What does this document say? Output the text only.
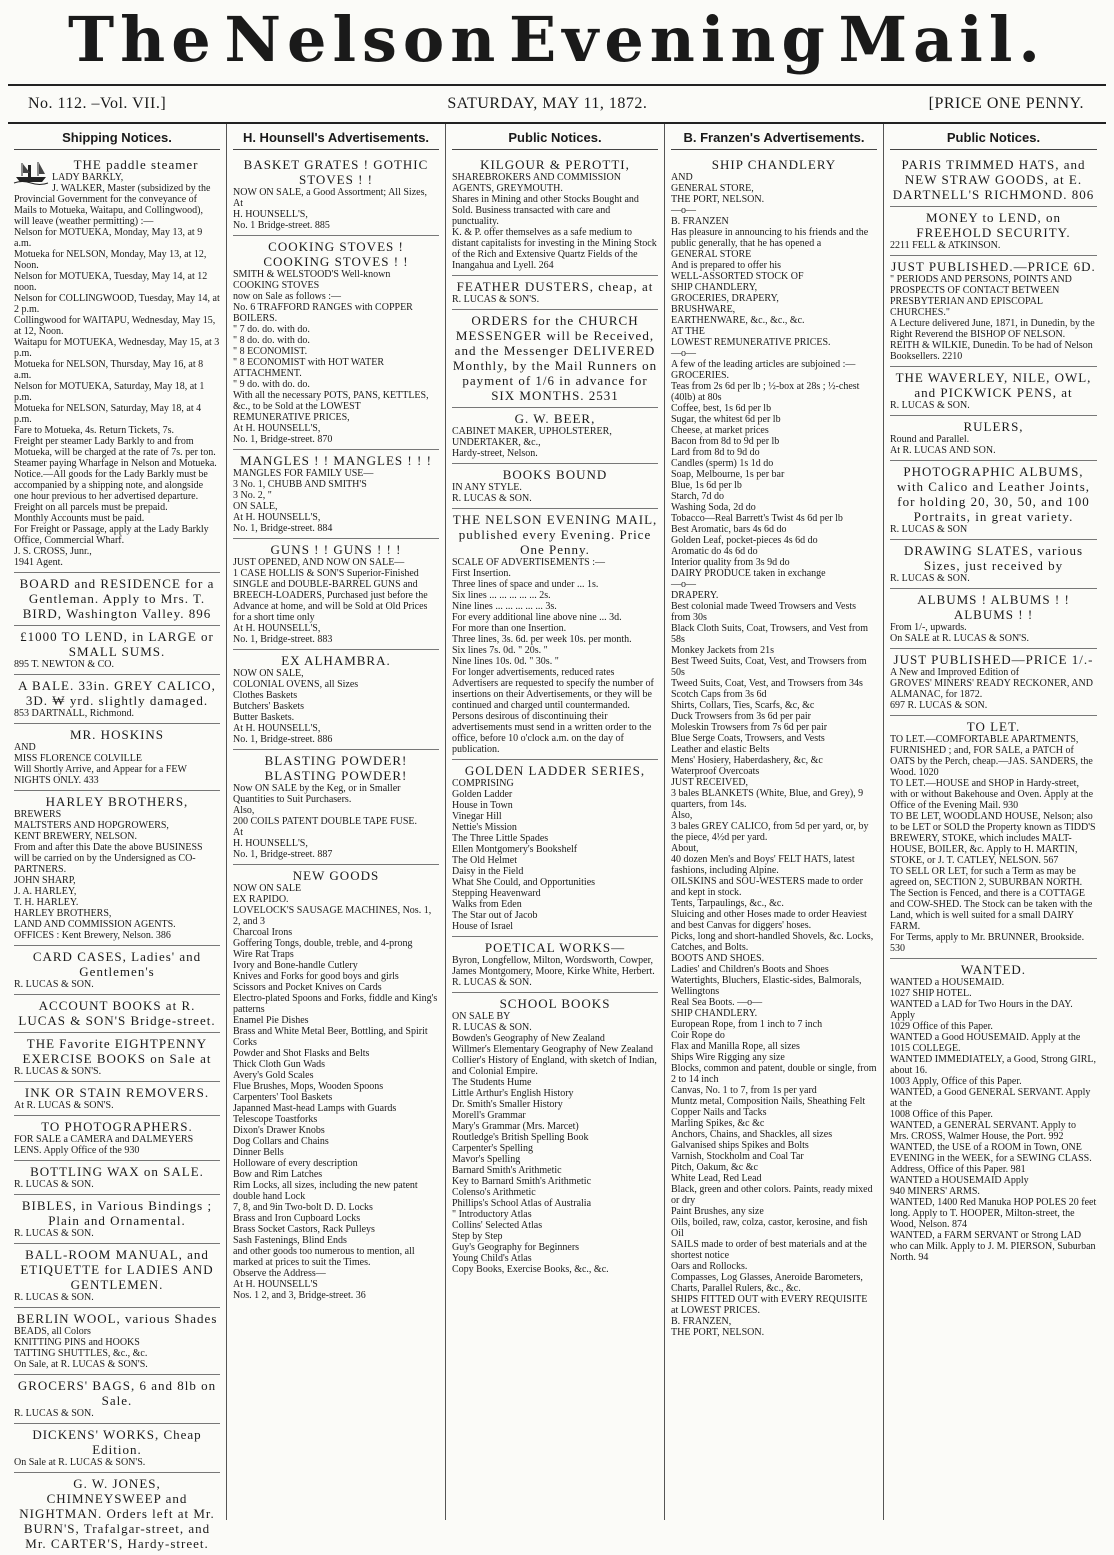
The Nelson Evening Mail.
No. 112. –Vol. VII.]	SATURDAY, MAY 11, 1872.	[PRICE ONE PENNY.
Shipping Notices.
THE paddle steamer
LADY BARKLY,
J. WALKER, Master (subsidized by the Provincial Government for the conveyance of Mails to Motueka, Waitapu, and Collingwood), will leave (weather permitting) :—
Nelson for MOTUEKA, Monday, May 13, at 9 a.m.
Motueka for NELSON, Monday, May 13, at 12, Noon.
Nelson for MOTUEKA, Tuesday, May 14, at 12 noon.
Nelson for COLLINGWOOD, Tuesday, May 14, at 2 p.m.
Collingwood for WAITAPU, Wednesday, May 15, at 12, Noon.
Waitapu for MOTUEKA, Wednesday, May 15, at 3 p.m.
Motueka for NELSON, Thursday, May 16, at 8 a.m.
Nelson for MOTUEKA, Saturday, May 18, at 1 p.m.
Motueka for NELSON, Saturday, May 18, at 4 p.m.
Fare to Motueka, 4s. Return Tickets, 7s.
Freight per steamer Lady Barkly to and from Motueka, will be charged at the rate of 7s. per ton. Steamer paying Wharfage in Nelson and Motueka.
Notice.—All goods for the Lady Barkly must be accompanied by a shipping note, and alongside one hour previous to her advertised departure.
Freight on all parcels must be prepaid.
Monthly Accounts must be paid.
For Freight or Passage, apply at the Lady Barkly Office, Commercial Wharf.
J. S. CROSS, Junr.,
1941 Agent.
BOARD and RESIDENCE for a Gentleman. Apply to Mrs. T. BIRD, Washington Valley. 896
£1000 TO LEND, in LARGE or SMALL SUMS.
895 T. NEWTON & CO.
A BALE. 33in. GREY CALICO, 3D. ₩ yrd. slightly damaged.
853 DARTNALL, Richmond.
MR. HOSKINS
AND
MISS FLORENCE COLVILLE
Will Shortly Arrive, and Appear for a FEW NIGHTS ONLY. 433
HARLEY BROTHERS,
BREWERS
MALTSTERS AND HOPGROWERS,
KENT BREWERY, NELSON.
From and after this Date the above BUSINESS will be carried on by the Undersigned as CO-PARTNERS.
JOHN SHARP,
J. A. HARLEY,
T. H. HARLEY.
HARLEY BROTHERS,
LAND AND COMMISSION AGENTS.
OFFICES : Kent Brewery, Nelson. 386
CARD CASES, Ladies' and Gentlemen's
R. LUCAS & SON.
ACCOUNT BOOKS at R. LUCAS & SON'S Bridge-street.
THE Favorite EIGHTPENNY EXERCISE BOOKS on Sale at
R. LUCAS & SON'S.
INK OR STAIN REMOVERS.
At R. LUCAS & SON'S.
TO PHOTOGRAPHERS.
FOR SALE a CAMERA and DALMEYERS LENS. Apply Office of the 930
BOTTLING WAX on SALE.
R. LUCAS & SON.
BIBLES, in Various Bindings ; Plain and Ornamental.
R. LUCAS & SON.
BALL-ROOM MANUAL, and ETIQUETTE for LADIES AND GENTLEMEN.
R. LUCAS & SON.
BERLIN WOOL, various Shades
BEADS, all Colors
KNITTING PINS and HOOKS
TATTING SHUTTLES, &c., &c.
On Sale, at R. LUCAS & SON'S.
GROCERS' BAGS, 6 and 8lb on Sale.
R. LUCAS & SON.
DICKENS' WORKS, Cheap Edition.
On Sale at R. LUCAS & SON'S.
G. W. JONES, CHIMNEYSWEEP and NIGHTMAN. Orders left at Mr. BURN'S, Trafalgar-street, and Mr. CARTER'S, Hardy-street.
H. Hounsell's Advertisements.
BASKET GRATES ! GOTHIC STOVES ! !
NOW ON SALE, a Good Assortment; All Sizes,
At
H. HOUNSELL'S,
No. 1 Bridge-street. 885
COOKING STOVES ! COOKING STOVES ! !
SMITH & WELSTOOD'S Well-known
COOKING STOVES
now on Sale as follows :—
No. 6 TRAFFORD RANGES with COPPER BOILERS.
" 7 do. do. with do.
" 8 do. do. with do.
" 8 ECONOMIST.
" 8 ECONOMIST with HOT WATER ATTACHMENT.
" 9 do. with do. do.
With all the necessary POTS, PANS, KETTLES, &c., to be Sold at the LOWEST REMUNERATIVE PRICES,
At H. HOUNSELL'S,
No. 1, Bridge-street. 870
MANGLES ! ! MANGLES ! ! !
MANGLES FOR FAMILY USE—
3 No. 1, CHUBB AND SMITH'S
3 No. 2, "
ON SALE,
At H. HOUNSELL'S,
No. 1, Bridge-street. 884
GUNS ! ! GUNS ! ! !
JUST OPENED, AND NOW ON SALE—
1 CASE HOLLIS & SON'S Superior-Finished SINGLE and DOUBLE-BARREL GUNS and BREECH-LOADERS, Purchased just before the Advance at home, and will be Sold at Old Prices for a short time only
At H. HOUNSELL'S,
No. 1, Bridge-street. 883
EX ALHAMBRA.
NOW ON SALE,
COLONIAL OVENS, all Sizes
Clothes Baskets
Butchers' Baskets
Butter Baskets.
At H. HOUNSELL'S,
No. 1, Bridge-street. 886
BLASTING POWDER! BLASTING POWDER!
Now ON SALE by the Keg, or in Smaller Quantities to Suit Purchasers.
Also,
200 COILS PATENT DOUBLE TAPE FUSE.
At
H. HOUNSELL'S,
No. 1, Bridge-street. 887
NEW GOODS
NOW ON SALE
EX RAPIDO.
LOVELOCK'S SAUSAGE MACHINES, Nos. 1, 2, and 3
Charcoal Irons
Goffering Tongs, double, treble, and 4-prong
Wire Rat Traps
Ivory and Bone-handle Cutlery
Knives and Forks for good boys and girls
Scissors and Pocket Knives on Cards
Electro-plated Spoons and Forks, fiddle and King's patterns
Enamel Pie Dishes
Brass and White Metal Beer, Bottling, and Spirit Corks
Powder and Shot Flasks and Belts
Thick Cloth Gun Wads
Avery's Gold Scales
Flue Brushes, Mops, Wooden Spoons
Carpenters' Tool Baskets
Japanned Mast-head Lamps with Guards
Telescope Toastforks
Dixon's Drawer Knobs
Dog Collars and Chains
Dinner Bells
Holloware of every description
Bow and Rim Latches
Rim Locks, all sizes, including the new patent double hand Lock
7, 8, and 9in Two-bolt D. D. Locks
Brass and Iron Cupboard Locks
Brass Socket Castors, Rack Pulleys
Sash Fastenings, Blind Ends
and other goods too numerous to mention, all marked at prices to suit the Times.
Observe the Address—
At H. HOUNSELL'S
Nos. 1 2, and 3, Bridge-street. 36
Public Notices.
KILGOUR & PEROTTI,
SHAREBROKERS AND COMMISSION AGENTS, GREYMOUTH.
Shares in Mining and other Stocks Bought and Sold. Business transacted with care and punctuality.
K. & P. offer themselves as a safe medium to distant capitalists for investing in the Mining Stock of the Rich and Extensive Quartz Fields of the Inangahua and Lyell. 264
FEATHER DUSTERS, cheap, at
R. LUCAS & SON'S.
ORDERS for the CHURCH MESSENGER will be Received, and the Messenger DELIVERED Monthly, by the Mail Runners on payment of 1/6 in advance for SIX MONTHS. 2531
G. W. BEER,
CABINET MAKER, UPHOLSTERER, UNDERTAKER, &c.,
Hardy-street, Nelson.
BOOKS BOUND
IN ANY STYLE.
R. LUCAS & SON.
THE NELSON EVENING MAIL, published every Evening. Price One Penny.
SCALE OF ADVERTISEMENTS :—
First Insertion.
Three lines of space and under ... 1s.
Six lines ... ... ... ... ... 2s.
Nine lines ... ... ... ... ... 3s.
For every additional line above nine ... 3d.
For more than one Insertion.
Three lines, 3s. 6d. per week 10s. per month.
Six lines 7s. 0d. " 20s. "
Nine lines 10s. 0d. " 30s. "
For longer advertisements, reduced rates
Advertisers are requested to specify the number of insertions on their Advertisements, or they will be continued and charged until countermanded.
Persons desirous of discontinuing their advertisements must send in a written order to the office, before 10 o'clock a.m. on the day of publication.
GOLDEN LADDER SERIES,
COMPRISING
Golden Ladder
House in Town
Vinegar Hill
Nettie's Mission
The Three Little Spades
Ellen Montgomery's Bookshelf
The Old Helmet
Daisy in the Field
What She Could, and Opportunities
Stepping Heavenward
Walks from Eden
The Star out of Jacob
House of Israel
POETICAL WORKS—
Byron, Longfellow, Milton, Wordsworth, Cowper, James Montgomery, Moore, Kirke White, Herbert.
R. LUCAS & SON.
SCHOOL BOOKS
ON SALE BY
R. LUCAS & SON.
Bowden's Geography of New Zealand
Willmer's Elementary Geography of New Zealand
Collier's History of England, with sketch of Indian, and Colonial Empire.
The Students Hume
Little Arthur's English History
Dr. Smith's Smaller History
Morell's Grammar
Mary's Grammar (Mrs. Marcet)
Routledge's British Spelling Book
Carpenter's Spelling
Mavor's Spelling
Barnard Smith's Arithmetic
Key to Barnard Smith's Arithmetic
Colenso's Arithmetic
Phillips's School Atlas of Australia
" Introductory Atlas
Collins' Selected Atlas
Step by Step
Guy's Geography for Beginners
Young Child's Atlas
Copy Books, Exercise Books, &c., &c.
B. Franzen's Advertisements.
SHIP CHANDLERY
AND
GENERAL STORE,
THE PORT, NELSON.
—o—
B. FRANZEN
Has pleasure in announcing to his friends and the public generally, that he has opened a
GENERAL STORE
And is prepared to offer his
WELL-ASSORTED STOCK OF
SHIP CHANDLERY,
GROCERIES, DRAPERY,
BRUSHWARE,
EARTHENWARE, &c., &c., &c.
AT THE
LOWEST REMUNERATIVE PRICES.
—o—
A few of the leading articles are subjoined :—
GROCERIES.
Teas from 2s 6d per lb ; ½-box at 28s ; ½-chest (40lb) at 80s
Coffee, best, 1s 6d per lb
Sugar, the whitest 6d per lb
Cheese, at market prices
Bacon from 8d to 9d per lb
Lard from 8d to 9d do
Candles (sperm) 1s 1d do
Soap, Melbourne, 1s per bar
Blue, 1s 6d per lb
Starch, 7d do
Washing Soda, 2d do
Tobacco—Real Barrett's Twist 4s 6d per lb
Best Aromatic, bars 4s 6d do
Golden Leaf, pocket-pieces 4s 6d do
Aromatic do 4s 6d do
Interior quality from 3s 9d do
DAIRY PRODUCE taken in exchange
—o—
DRAPERY.
Best colonial made Tweed Trowsers and Vests from 30s
Black Cloth Suits, Coat, Trowsers, and Vest from 58s
Monkey Jackets from 21s
Best Tweed Suits, Coat, Vest, and Trowsers from 50s
Tweed Suits, Coat, Vest, and Trowsers from 34s
Scotch Caps from 3s 6d
Shirts, Collars, Ties, Scarfs, &c, &c
Duck Trowsers from 3s 6d per pair
Moleskin Trowsers from 7s 6d per pair
Blue Serge Coats, Trowsers, and Vests
Leather and elastic Belts
Mens' Hosiery, Haberdashery, &c, &c
Waterproof Overcoats
JUST RECEIVED,
3 bales BLANKETS (White, Blue, and Grey), 9 quarters, from 14s.
Also,
3 bales GREY CALICO, from 5d per yard, or, by the piece, 4½d per yard.
About,
40 dozen Men's and Boys' FELT HATS, latest fashions, including Alpine.
OILSKINS and SOU-WESTERS made to order and kept in stock.
Tents, Tarpaulings, &c., &c.
Sluicing and other Hoses made to order Heaviest and best Canvas for diggers' hoses.
Picks, long and short-handled Shovels, &c. Locks, Catches, and Bolts.
BOOTS AND SHOES.
Ladies' and Children's Boots and Shoes
Watertights, Bluchers, Elastic-sides, Balmorals, Wellingtons
Real Sea Boots. —o—
SHIP CHANDLERY.
European Rope, from 1 inch to 7 inch
Coir Rope do
Flax and Manilla Rope, all sizes
Ships Wire Rigging any size
Blocks, common and patent, double or single, from 2 to 14 inch
Canvas, No. 1 to 7, from 1s per yard
Muntz metal, Composition Nails, Sheathing Felt
Copper Nails and Tacks
Marling Spikes, &c &c
Anchors, Chains, and Shackles, all sizes
Galvanised ships Spikes and Bolts
Varnish, Stockholm and Coal Tar
Pitch, Oakum, &c &c
White Lead, Red Lead
Black, green and other colors. Paints, ready mixed or dry
Paint Brushes, any size
Oils, boiled, raw, colza, castor, kerosine, and fish Oil
SAILS made to order of best materials and at the shortest notice
Oars and Rollocks.
Compasses, Log Glasses, Aneroide Barometers, Charts, Parallel Rulers, &c., &c.
SHIPS FITTED OUT with EVERY REQUISITE at LOWEST PRICES.
B. FRANZEN,
THE PORT, NELSON.
Public Notices.
PARIS TRIMMED HATS, and NEW STRAW GOODS, at E. DARTNELL'S RICHMOND. 806
MONEY to LEND, on FREEHOLD SECURITY.
2211 FELL & ATKINSON.
JUST PUBLISHED.—PRICE 6D.
" PERIODS AND PERSONS, POINTS AND PROSPECTS OF CONTACT BETWEEN PRESBYTERIAN AND EPISCOPAL CHURCHES."
A Lecture delivered June, 1871, in Dunedin, by the Right Reverend the BISHOP OF NELSON.
REITH & WILKIE, Dunedin. To be had of Nelson Booksellers. 2210
THE WAVERLEY, NILE, OWL, and PICKWICK PENS, at
R. LUCAS & SON.
RULERS,
Round and Parallel.
At R. LUCAS AND SON.
PHOTOGRAPHIC ALBUMS, with Calico and Leather Joints, for holding 20, 30, 50, and 100 Portraits, in great variety.
R. LUCAS & SON
DRAWING SLATES, various Sizes, just received by
R. LUCAS & SON.
ALBUMS ! ALBUMS ! ! ALBUMS ! !
From 1/-, upwards.
On SALE at R. LUCAS & SON'S.
JUST PUBLISHED—PRICE 1/.-
A New and Improved Edition of
GROVES' MINERS' READY RECKONER, AND ALMANAC, for 1872.
697 R. LUCAS & SON.
TO LET.
TO LET.—COMFORTABLE APARTMENTS, FURNISHED ; and, FOR SALE, a PATCH of OATS by the Perch, cheap.—JAS. SANDERS, the Wood. 1020
TO LET.—HOUSE and SHOP in Hardy-street, with or without Bakehouse and Oven. Apply at the Office of the Evening Mail. 930
TO BE LET, WOODLAND HOUSE, Nelson; also to be LET or SOLD the Property known as TIDD'S BREWERY, STOKE, which includes MALT-HOUSE, BOILER, &c. Apply to H. MARTIN, STOKE, or J. T. CATLEY, NELSON. 567
TO SELL OR LET, for such a Term as may be agreed on, SECTION 2, SUBURBAN NORTH. The Section is Fenced, and there is a COTTAGE and COW-SHED. The Stock can be taken with the Land, which is well suited for a small DAIRY FARM.
For Terms, apply to Mr. BRUNNER, Brookside. 530
WANTED.
WANTED a HOUSEMAID.
1027 SHIP HOTEL.
WANTED a LAD for Two Hours in the DAY. Apply
1029 Office of this Paper.
WANTED a Good HOUSEMAID. Apply at the
1015 COLLEGE.
WANTED IMMEDIATELY, a Good, Strong GIRL, about 16.
1003 Apply, Office of this Paper.
WANTED, a Good GENERAL SERVANT. Apply at the
1008 Office of this Paper.
WANTED, a GENERAL SERVANT. Apply to Mrs. CROSS, Walmer House, the Port. 992
WANTED, the USE of a ROOM in Town, ONE EVENING in the WEEK, for a SEWING CLASS. Address, Office of this Paper. 981
WANTED a HOUSEMAID Apply
940 MINERS' ARMS.
WANTED, 1400 Red Manuka HOP POLES 20 feet long. Apply to T. HOOPER, Milton-street, the Wood, Nelson. 874
WANTED, a FARM SERVANT or Strong LAD who can Milk. Apply to J. M. PIERSON, Suburban North. 94
